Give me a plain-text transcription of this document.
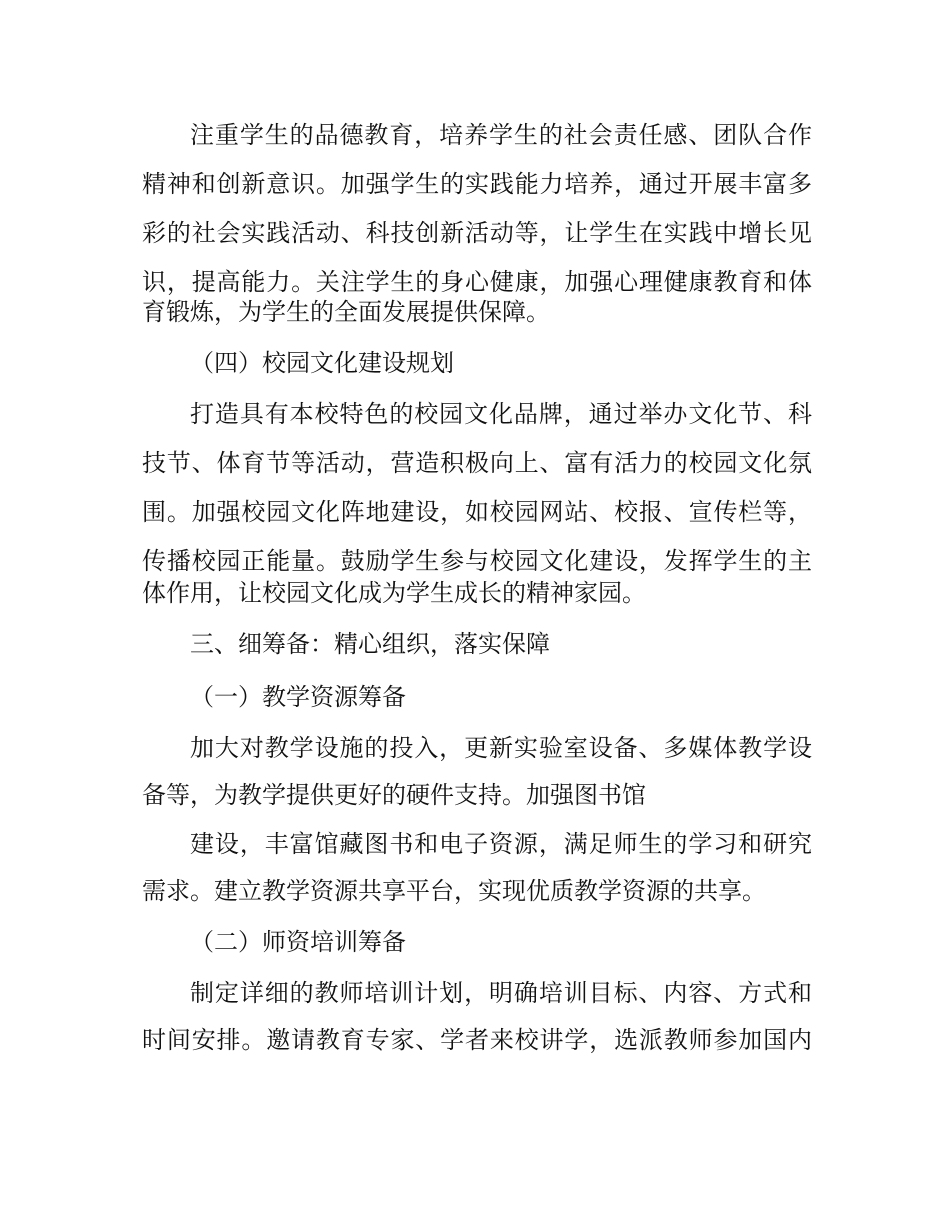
注重学生的品德教育，培养学生的社会责任感、团队合作
精神和创新意识。加强学生的实践能力培养，通过开展丰富多
彩的社会实践活动、科技创新活动等，让学生在实践中增长见
识，提高能力。关注学生的身心健康，加强心理健康教育和体
育锻炼，为学生的全面发展提供保障。
（四）校园文化建设规划
打造具有本校特色的校园文化品牌，通过举办文化节、科
技节、体育节等活动，营造积极向上、富有活力的校园文化氛
围。加强校园文化阵地建设，如校园网站、校报、宣传栏等，
传播校园正能量。鼓励学生参与校园文化建设，发挥学生的主
体作用，让校园文化成为学生成长的精神家园。
三、细筹备：精心组织，落实保障
（一）教学资源筹备
加大对教学设施的投入，更新实验室设备、多媒体教学设
备等，为教学提供更好的硬件支持。加强图书馆
建设，丰富馆藏图书和电子资源，满足师生的学习和研究
需求。建立教学资源共享平台，实现优质教学资源的共享。
（二）师资培训筹备
制定详细的教师培训计划，明确培训目标、内容、方式和
时间安排。邀请教育专家、学者来校讲学，选派教师参加国内
